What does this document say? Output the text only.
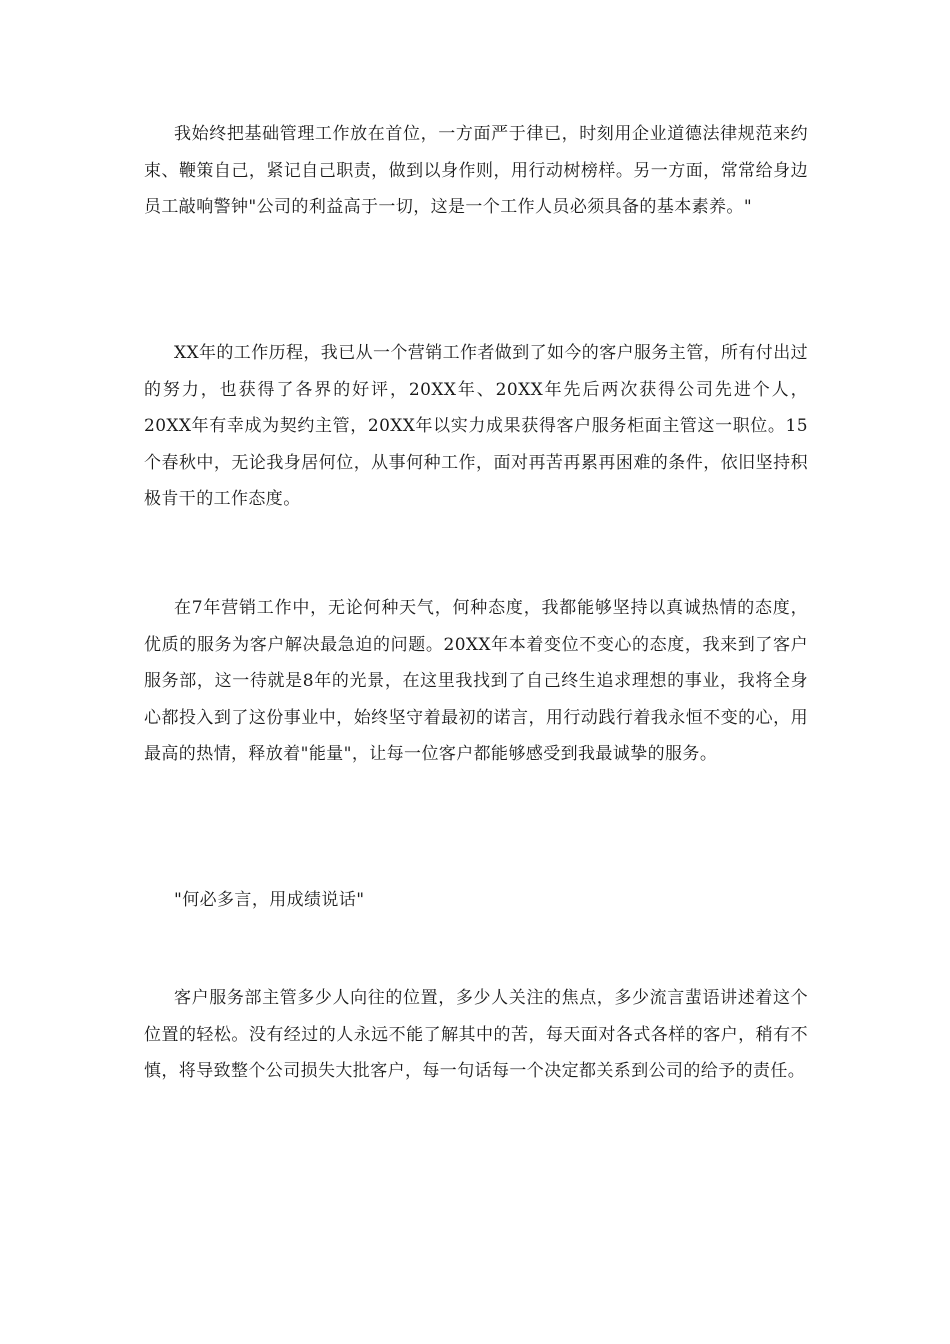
我始终把基础管理工作放在首位，一方面严于律已，时刻用企业道德法律规范来约束、鞭策自己，紧记自己职责，做到以身作则，用行动树榜样。另一方面，常常给身边员工敲响警钟"公司的利益高于一切，这是一个工作人员必须具备的基本素养。"

XX年的工作历程，我已从一个营销工作者做到了如今的客户服务主管，所有付出过的努力，也获得了各界的好评，20XX年、20XX年先后两次获得公司先进个人，20XX年有幸成为契约主管，20XX年以实力成果获得客户服务柜面主管这一职位。15个春秋中，无论我身居何位，从事何种工作，面对再苦再累再困难的条件，依旧坚持积极肯干的工作态度。

在7年营销工作中，无论何种天气，何种态度，我都能够坚持以真诚热情的态度，优质的服务为客户解决最急迫的问题。20XX年本着变位不变心的态度，我来到了客户服务部，这一待就是8年的光景，在这里我找到了自己终生追求理想的事业，我将全身心都投入到了这份事业中，始终坚守着最初的诺言，用行动践行着我永恒不变的心，用最高的热情，释放着"能量"，让每一位客户都能够感受到我最诚挚的服务。

"何必多言，用成绩说话"

客户服务部主管多少人向往的位置，多少人关注的焦点，多少流言蜚语讲述着这个位置的轻松。没有经过的人永远不能了解其中的苦，每天面对各式各样的客户，稍有不慎，将导致整个公司损失大批客户，每一句话每一个决定都关系到公司的给予的责任。
